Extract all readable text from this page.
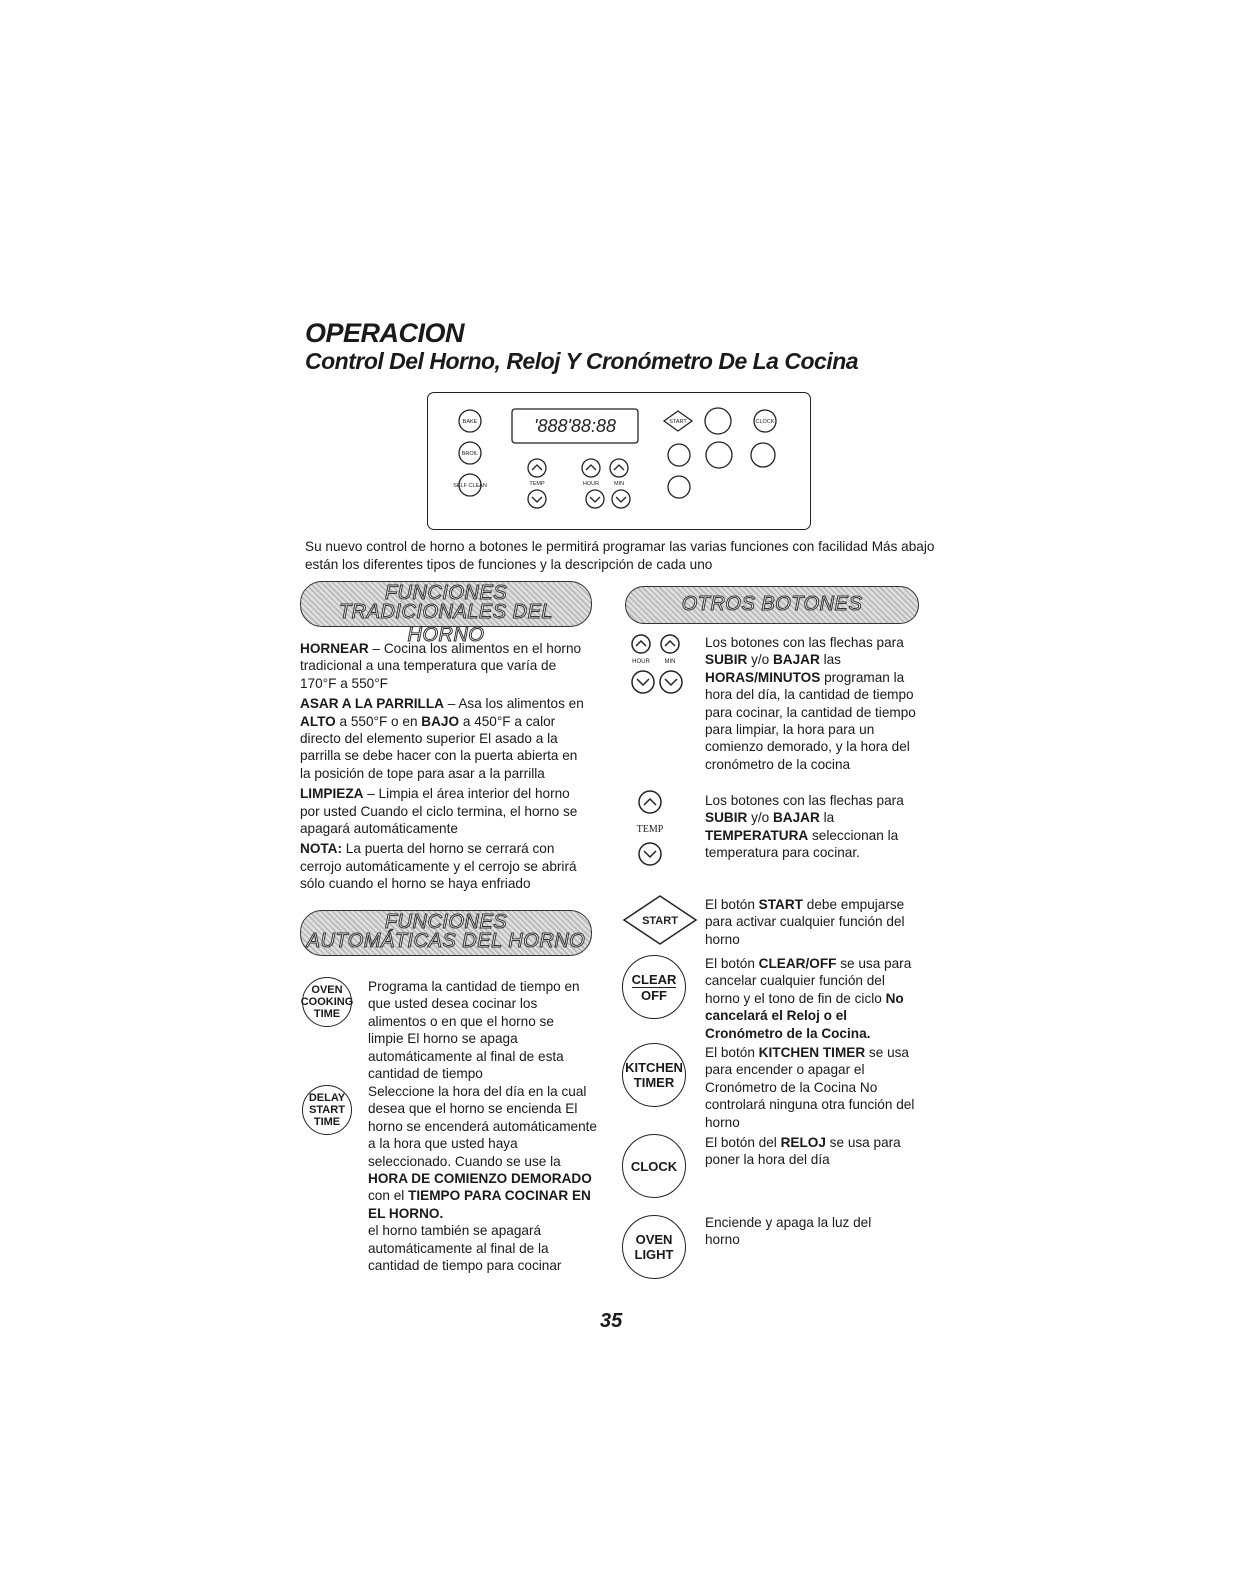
OPERACION
Control Del Horno, Reloj Y Cronómetro De La Cocina
BAKE
BROIL
SELF CLEAN
'888​'88:88	START	CLOCK
TEMP	HOUR	MIN
Su nuevo control de horno a botones le permitirá programar las varias funciones con facilidad Más abajo están los diferentes tipos de funciones y la descripción de cada uno
FUNCIONES
TRADICIONALES DEL HORNO
OTROS BOTONES

HORNEAR – Cocina los alimentos en el horno tradicional a una temperatura que varía de 170°F a 550°F

ASAR A LA PARRILLA – Asa los alimentos en ALTO a 550°F o en BAJO a 450°F a calor directo del elemento superior El asado a la parrilla se debe hacer con la puerta abierta en la posición de tope para asar a la parrilla

LIMPIEZA – Limpia el área interior del horno por usted Cuando el ciclo termina, el horno se apagará automáticamente

NOTA: La puerta del horno se cerrará con cerrojo automáticamente y el cerrojo se abrirá sólo cuando el horno se haya enfriado

FUNCIONES
AUTOMÁTICAS DEL HORNO
OVEN
COOKING
TIME
Programa la cantidad de tiempo en que usted desea cocinar los alimentos o en que el horno se limpie El horno se apaga automáticamente al final de esta cantidad de tiempo
DELAY
START
TIME
Seleccione la hora del día en la cual desea que el horno se encienda El horno se encenderá automáticamente a la hora que usted haya seleccionado. Cuando se use la HORA DE COMIENZO DEMORADO con el TIEMPO PARA COCINAR EN EL HORNO.
el horno también se apagará automáticamente al final de la cantidad de tiempo para cocinar
HOUR MIN
Los botones con las flechas para SUBIR y/o BAJAR las HORAS/MINUTOS programan la hora del día, la cantidad de tiempo para cocinar, la cantidad de tiempo para limpiar, la hora para un comienzo demorado, y la hora del cronómetro de la cocina
TEMP
Los botones con las flechas para SUBIR y/o BAJAR la TEMPERATURA seleccionan la temperatura para cocinar.
START
El botón START debe empujarse para activar cualquier función del horno
CLEAR
OFF
El botón CLEAR/OFF se usa para cancelar cualquier función del horno y el tono de fin de ciclo No cancelará el Reloj o el Cronómetro de la Cocina.
KITCHEN
TIMER
El botón KITCHEN TIMER se usa para encender o apagar el Cronómetro de la Cocina No controlará ninguna otra función del horno
CLOCK
El botón del RELOJ se usa para poner la hora del día
OVEN
LIGHT
Enciende y apaga la luz del horno
35
